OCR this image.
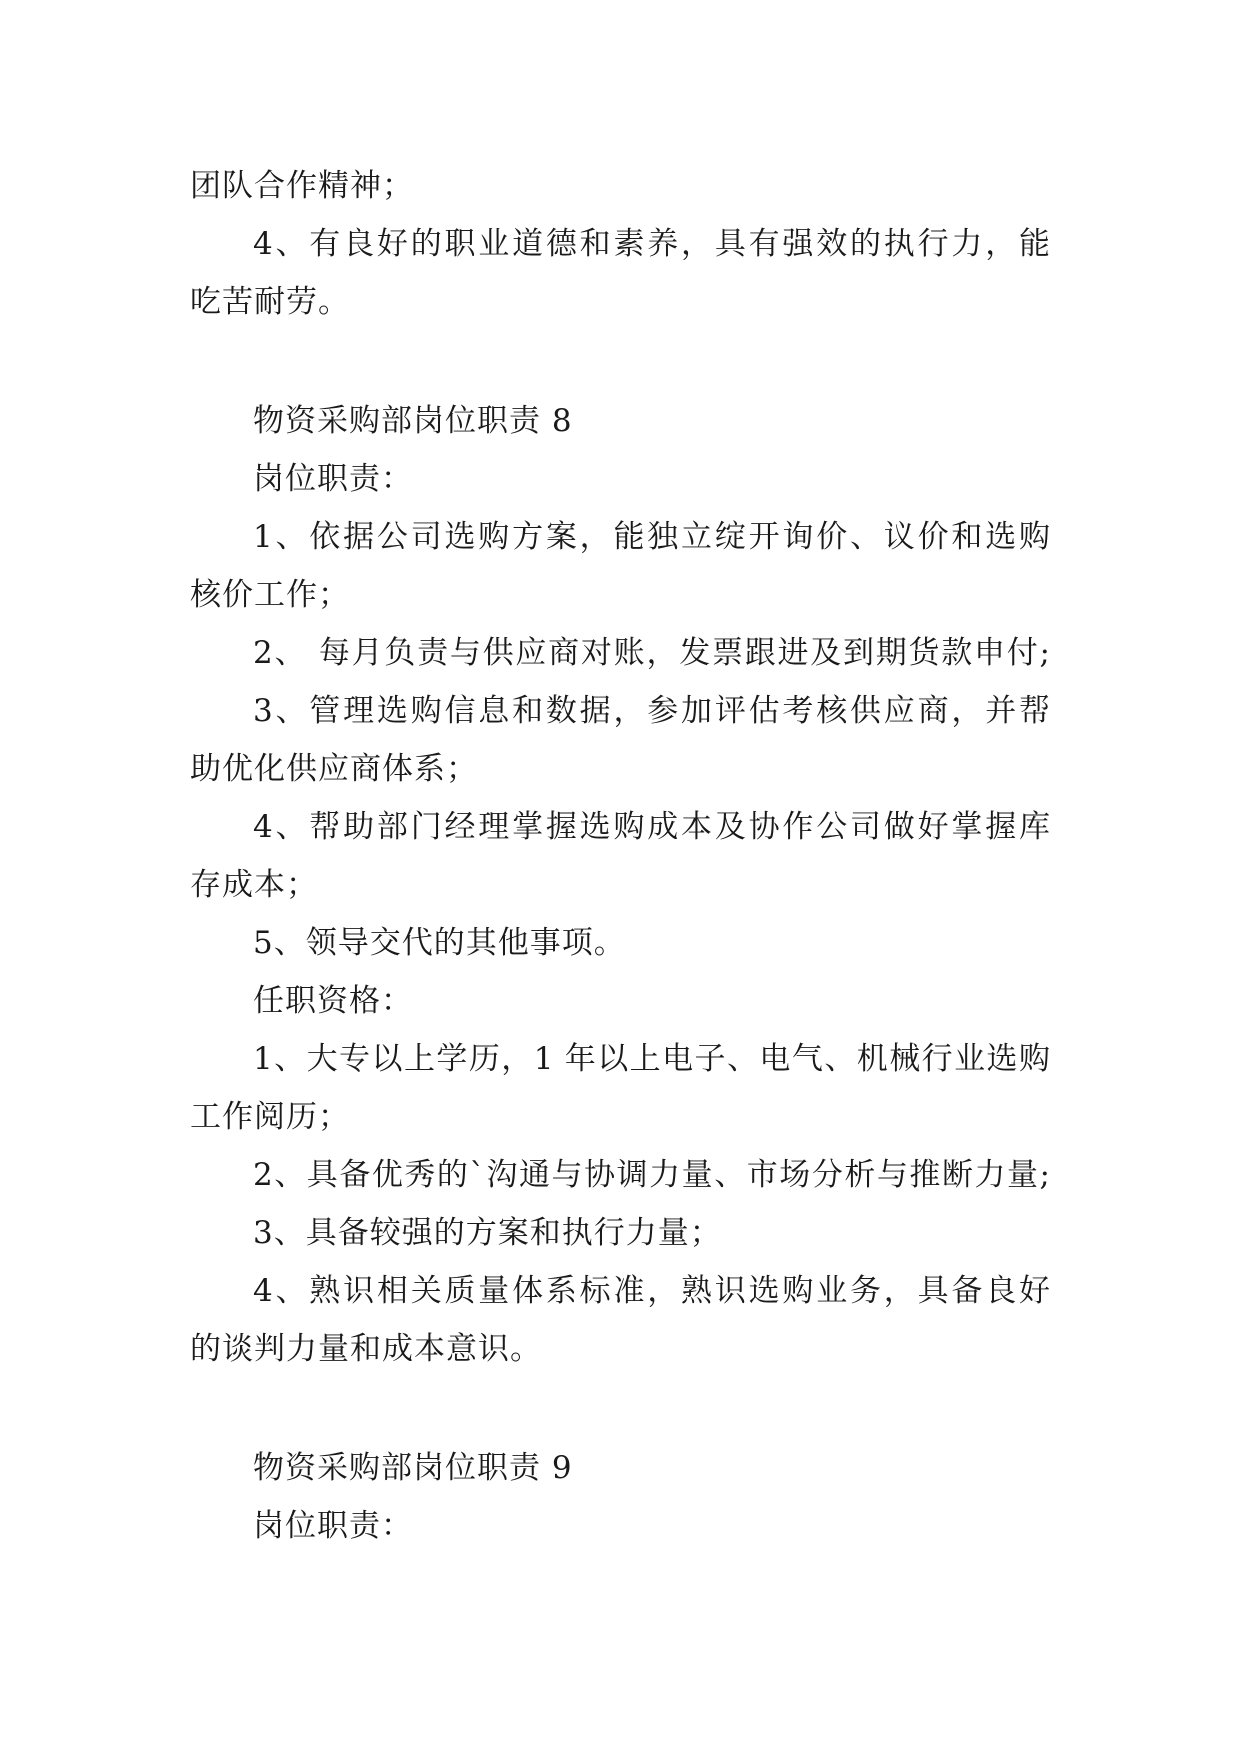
团队合作精神；
4、有良好的职业道德和素养，具有强效的执行力，能
吃苦耐劳。
物资采购部岗位职责 8
岗位职责：
1、依据公司选购方案，能独立绽开询价、议价和选购
核价工作；
2、 每月负责与供应商对账，发票跟进及到期货款申付;
3、管理选购信息和数据，参加评估考核供应商，并帮
助优化供应商体系；
4、帮助部门经理掌握选购成本及协作公司做好掌握库
存成本；
5、领导交代的其他事项。
任职资格：
1、大专以上学历，1 年以上电子、电气、机械行业选购
工作阅历；
2、具备优秀的`沟通与协调力量、市场分析与推断力量;
3、具备较强的方案和执行力量；
4、熟识相关质量体系标准，熟识选购业务，具备良好
的谈判力量和成本意识。
物资采购部岗位职责 9
岗位职责：
